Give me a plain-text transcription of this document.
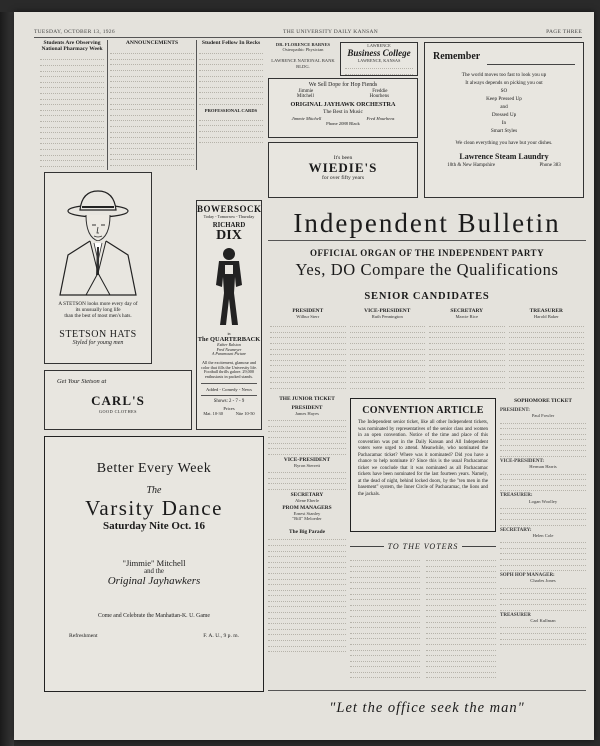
TUESDAY, OCTOBER 13, 1926	THE UNIVERSITY DAILY KANSAN	PAGE THREE
Students Are Observing National Pharmacy Week
ANNOUNCEMENTS	Student Fellow In Recks
PROFESSIONAL CARDS
DR. FLORENCE BARNES
Osteopathic Physician
LAWRENCE NATIONAL BANK BLDG.
LAWRENCE
Business College
LAWRENCE, KANSAS
We Sell Dope for Hop Fiends
Jimmie	Freddie
Mitchell	Hourhens
ORIGINAL JAYHAWK ORCHESTRA
The Best in Music
Jimmie Mitchell	Fred Hourhens
Phone 2088 Black
It's been
WIEDIE'S
for over fifty years
Remember
The world moves too fast to look you up
It always depends on picking you out
SO
Keep Pressed Up
and
Dressed Up
In
Smart Styles
We clean everything you have but your dishes.
Lawrence Steam Laundry
10th & New Hampshire	Phone 383
A STETSON looks more every day of its unusually long life
than the best of most men's hats.
STETSON HATS
Styled for young men
Get Your Stetson at
CARL'S
GOOD CLOTHES
BOWERSOCK
Today - Tomorrow - Thursday
RICHARD
DIX
in
The QUARTERBACK
Esther Ralston
Fred Neumeyer
A Paramount Picture
All the excitement, glamour and color that fills the University life. Football thrills galore. 29,000 enthusiasts in packed stands.
Added - Comedy - News
Shows: 2 - 7 - 9
Prices
Mat. 10-30	Nite 10-50
Independent Bulletin
OFFICIAL ORGAN OF THE INDEPENDENT PARTY
Yes, DO Compare the Qualifications
SENIOR CANDIDATES
PRESIDENT
Wilbur Sterr
VICE-PRESIDENT
Ruth Pennington
SECRETARY
Marcie Rice
TREASURER
Harold Baker
THE JUNIOR TICKET
PRESIDENT
James Hayes
VICE-PRESIDENT
Byron Sterrett
SECRETARY
Alene Eberle
PROM MANAGERS
Ernest Stanley
"Bill" Meloeder
The Big Parade
CONVENTION ARTICLE
The Independent senior ticket, like all other Independent tickets, was nominated by representatives of the senior class and women in an open convention. Notice of the time and place of this convention was put in the Daily Kansan and All Independent voters were urged to attend. Meanwhile, who nominated the Pachacamac ticket? Where was it nominated? Did you have a chance to help nominate it? Since this is the usual Pachacamac ticket we conclude that it was nominated as all Pachacamac tickets have been nominated for the last fourteen years. Namely, at the dead of night, behind locked doors, by the "ten men in the basement" system, the Inner Circle of Pachacamac, the lions and the jackals.
TO THE VOTERS
SOPHOMORE TICKET
PRESIDENT:
Paul Fowler
VICE-PRESIDENT:
Herman Harris
TREASURER:
Logan Woolley
SECRETARY:
Helen Cole
SOPH HOP MANAGER:
Charles Jones
TREASURER
Carl Kullman
Better Every Week
The
Varsity Dance
Saturday Nite Oct. 16
"Jimmie" Mitchell
and the
Original Jayhawkers
Come and Celebrate the Manhattan-K. U. Game
Refreshment	F. A. U., 9 p. m.
"Let the office seek the man"
